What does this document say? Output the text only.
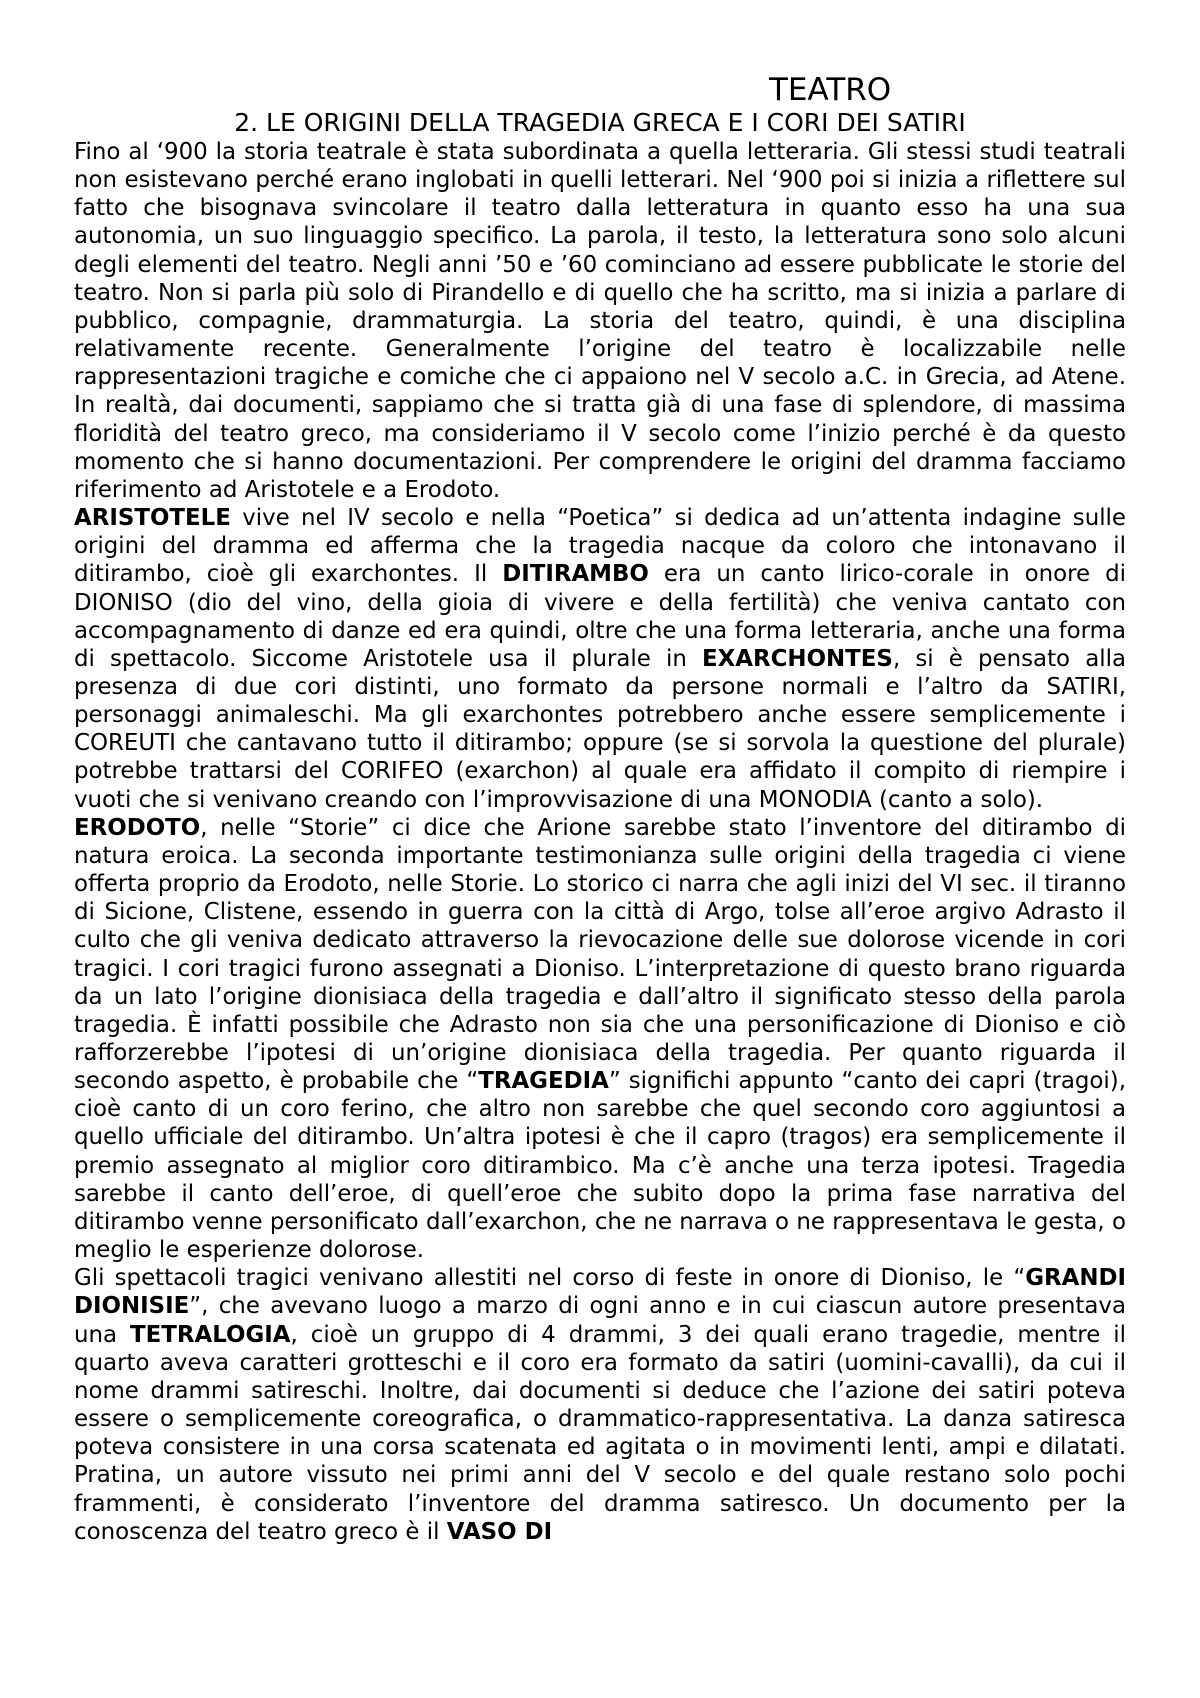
TEATRO
2. LE ORIGINI DELLA TRAGEDIA GRECA E I CORI DEI SATIRI

Fino al ‘900 la storia teatrale è stata subordinata a quella letteraria. Gli stessi studi teatrali non esistevano perché erano inglobati in quelli letterari. Nel ‘900 poi si inizia a riflettere sul fatto che bisognava svincolare il teatro dalla letteratura in quanto esso ha una sua autonomia, un suo linguaggio specifico. La parola, il testo, la letteratura sono solo alcuni degli elementi del teatro. Negli anni ’50 e ’60 cominciano ad essere pubblicate le storie del teatro. Non si parla più solo di Pirandello e di quello che ha scritto, ma si inizia a parlare di pubblico, compagnie, drammaturgia. La storia del teatro, quindi, è una disciplina relativamente recente. Generalmente l’origine del teatro è localizzabile nelle rappresentazioni tragiche e comiche che ci appaiono nel V secolo a.C. in Grecia, ad Atene. In realtà, dai documenti, sappiamo che si tratta già di una fase di splendore, di massima floridità del teatro greco, ma consideriamo il V secolo come l’inizio perché è da questo momento che si hanno documentazioni. Per comprendere le origini del dramma facciamo riferimento ad Aristotele e a Erodoto.

ARISTOTELE vive nel IV secolo e nella “Poetica” si dedica ad un’attenta indagine sulle origini del dramma ed afferma che la tragedia nacque da coloro che intonavano il ditirambo, cioè gli exarchontes. Il DITIRAMBO era un canto lirico-corale in onore di DIONISO (dio del vino, della gioia di vivere e della fertilità) che veniva cantato con accompagnamento di danze ed era quindi, oltre che una forma letteraria, anche una forma di spettacolo. Siccome Aristotele usa il plurale in EXARCHONTES, si è pensato alla presenza di due cori distinti, uno formato da persone normali e l’altro da SATIRI, personaggi animaleschi. Ma gli exarchontes potrebbero anche essere semplicemente i COREUTI che cantavano tutto il ditirambo; oppure (se si sorvola la questione del plurale) potrebbe trattarsi del CORIFEO (exarchon) al quale era affidato il compito di riempire i vuoti che si venivano creando con l’improvvisazione di una MONODIA (canto a solo).

ERODOTO, nelle “Storie” ci dice che Arione sarebbe stato l’inventore del ditirambo di natura eroica. La seconda importante testimonianza sulle origini della tragedia ci viene offerta proprio da Erodoto, nelle Storie. Lo storico ci narra che agli inizi del VI sec. il tiranno di Sicione, Clistene, essendo in guerra con la città di Argo, tolse all’eroe argivo Adrasto il culto che gli veniva dedicato attraverso la rievocazione delle sue dolorose vicende in cori tragici. I cori tragici furono assegnati a Dioniso. L’interpretazione di questo brano riguarda da un lato l’origine dionisiaca della tragedia e dall’altro il significato stesso della parola tragedia. È infatti possibile che Adrasto non sia che una personificazione di Dioniso e ciò rafforzerebbe l’ipotesi di un’origine dionisiaca della tragedia. Per quanto riguarda il secondo aspetto, è probabile che “TRAGEDIA” significhi appunto “canto dei capri (tragoi), cioè canto di un coro ferino, che altro non sarebbe che quel secondo coro aggiuntosi a quello ufficiale del ditirambo. Un’altra ipotesi è che il capro (tragos) era semplicemente il premio assegnato al miglior coro ditirambico. Ma c’è anche una terza ipotesi. Tragedia sarebbe il canto dell’eroe, di quell’eroe che subito dopo la prima fase narrativa del ditirambo venne personificato dall’exarchon, che ne narrava o ne rappresentava le gesta, o meglio le esperienze dolorose.

Gli spettacoli tragici venivano allestiti nel corso di feste in onore di Dioniso, le “GRANDI DIONISIE”, che avevano luogo a marzo di ogni anno e in cui ciascun autore presentava una TETRALOGIA, cioè un gruppo di 4 drammi, 3 dei quali erano tragedie, mentre il quarto aveva caratteri grotteschi e il coro era formato da satiri (uomini-cavalli), da cui il nome drammi satireschi. Inoltre, dai documenti si deduce che l’azione dei satiri poteva essere o semplicemente coreografica, o drammatico-rappresentativa. La danza satiresca poteva consistere in una corsa scatenata ed agitata o in movimenti lenti, ampi e dilatati. Pratina, un autore vissuto nei primi anni del V secolo e del quale restano solo pochi frammenti, è considerato l’inventore del dramma satiresco. Un documento per la conoscenza del teatro greco è il VASO DI
